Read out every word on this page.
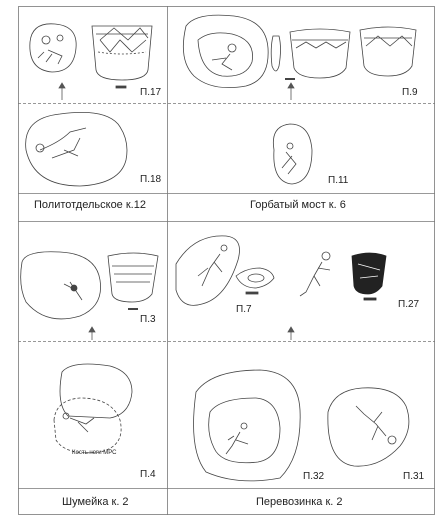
П.17
П.18
Политотдельское к.12
П.9
П.11
Горбатый мост к. 6
П.3
П.4
Кость ноги МРС
Шумейка к. 2
П.7	П.27
П.32	П.31
Перевозинка к. 2
